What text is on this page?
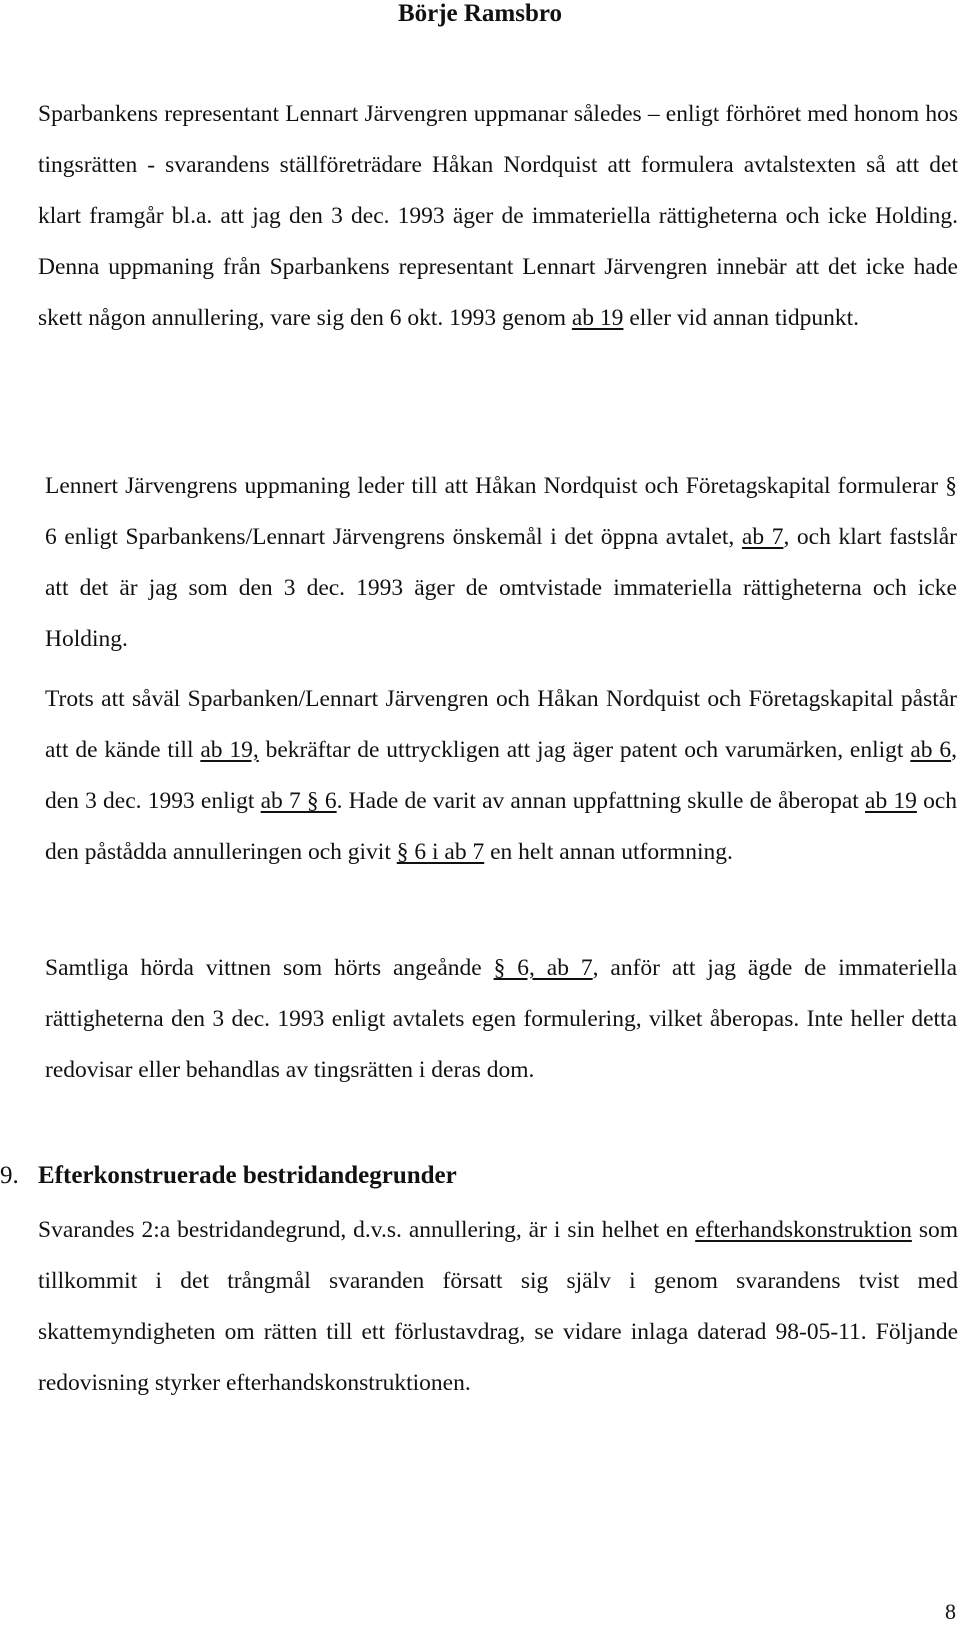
Börje Ramsbro

Sparbankens representant Lennart Järvengren uppmanar således – enligt förhöret med honom hos tingsrätten - svarandens ställföreträdare Håkan Nordquist att formulera avtalstexten så att det klart framgår bl.a. att jag den 3 dec. 1993 äger de immateriella rättigheterna och icke Holding. Denna uppmaning från Sparbankens representant Lennart Järvengren innebär att det icke hade skett någon annullering, vare sig den 6 okt. 1993 genom ab 19 eller vid annan tidpunkt.

Lennert Järvengrens uppmaning leder till att Håkan Nordquist och Företagskapital formulerar § 6 enligt Sparbankens/Lennart Järvengrens önskemål i det öppna avtalet, ab 7, och klart fastslår att det är jag som den 3 dec. 1993 äger de omtvistade immateriella rättigheterna och icke Holding.

Trots att såväl Sparbanken/Lennart Järvengren och Håkan Nordquist och Företagskapital påstår att de kände till ab 19, bekräftar de uttryckligen att jag äger patent och varumärken, enligt ab 6, den 3 dec. 1993 enligt ab 7 § 6. Hade de varit av annan uppfattning skulle de åberopat ab 19 och den påstådda annulleringen och givit § 6 i ab 7 en helt annan utformning.

Samtliga hörda vittnen som hörts angeånde § 6, ab 7, anför att jag ägde de immateriella rättigheterna den 3 dec. 1993 enligt avtalets egen formulering, vilket åberopas. Inte heller detta redovisar eller behandlas av tingsrätten i deras dom.

9. Efterkonstruerade bestridandegrunder

Svarandes 2:a bestridandegrund, d.v.s. annullering, är i sin helhet en efterhandskonstruktion som tillkommit i det trångmål svaranden försatt sig själv i genom svarandens tvist med skattemyndigheten om rätten till ett förlustavdrag, se vidare inlaga daterad 98-05-11. Följande redovisning styrker efterhandskonstruktionen.

8
